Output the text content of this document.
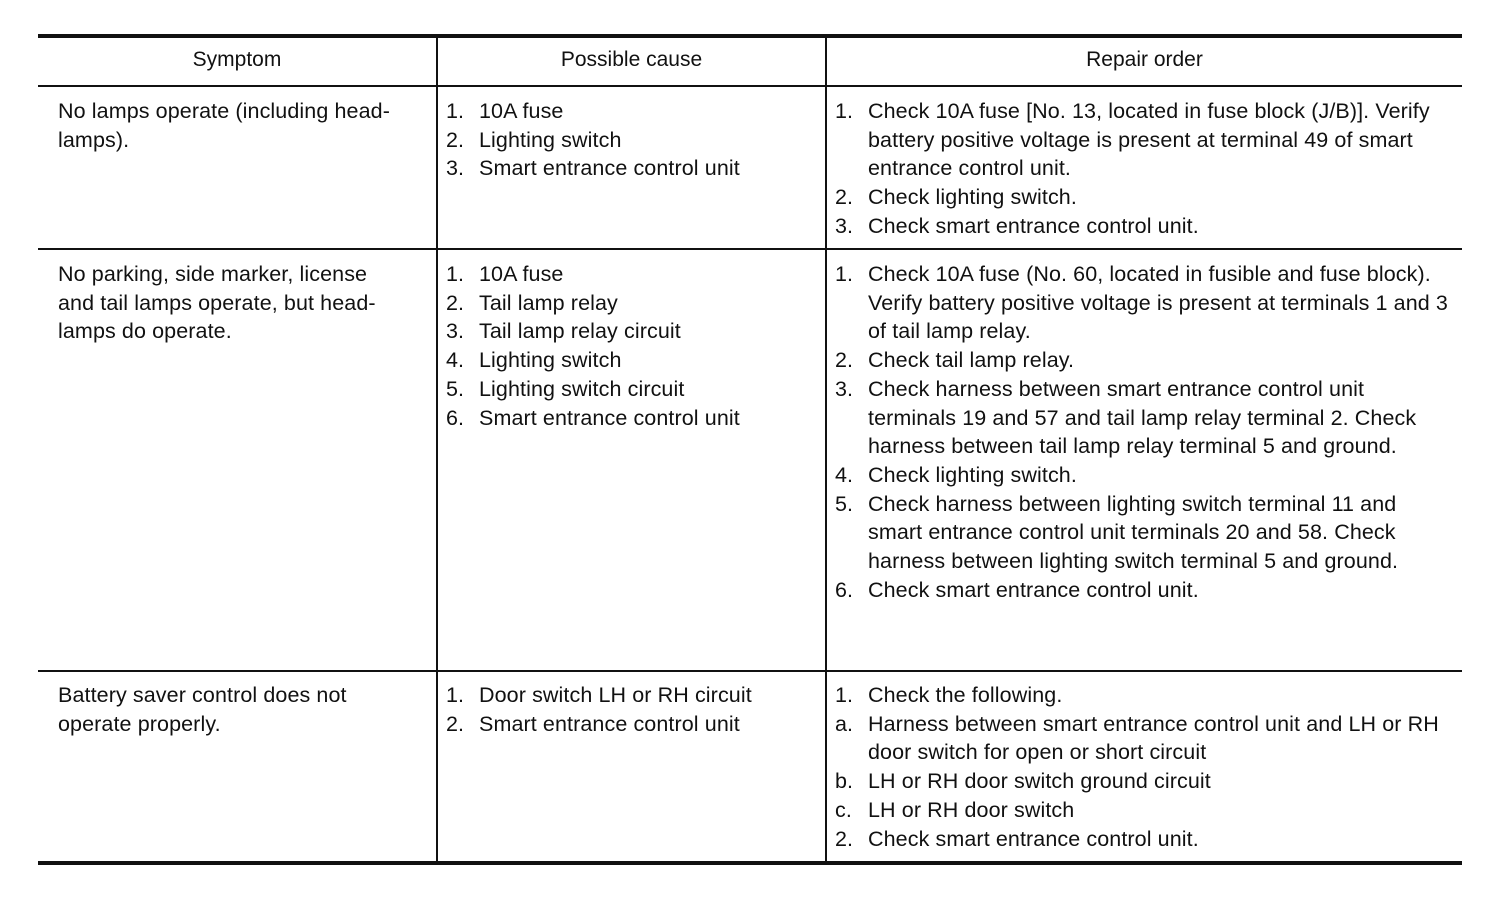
Symptom	Possible cause	Repair order
No lamps operate (including head-
lamps).
1. 10A fuse
2. Lighting switch
3. Smart entrance control unit
1. Check 10A fuse [No. 13, located in fuse block (J/B)]. Verify battery positive voltage is present at terminal 49 of smart entrance control unit.
2. Check lighting switch.
3. Check smart entrance control unit.
No parking, side marker, license
and tail lamps operate, but head-
lamps do operate.
1. 10A fuse
2. Tail lamp relay
3. Tail lamp relay circuit
4. Lighting switch
5. Lighting switch circuit
6. Smart entrance control unit
1. Check 10A fuse (No. 60, located in fusible and fuse block). Verify battery positive voltage is present at terminals 1 and 3 of tail lamp relay.
2. Check tail lamp relay.
3. Check harness between smart entrance control unit terminals 19 and 57 and tail lamp relay terminal 2. Check harness between tail lamp relay terminal 5 and ground.
4. Check lighting switch.
5. Check harness between lighting switch terminal 11 and smart entrance control unit terminals 20 and 58. Check harness between lighting switch terminal 5 and ground.
6. Check smart entrance control unit.
Battery saver control does not
operate properly.
1. Door switch LH or RH circuit
2. Smart entrance control unit
1. Check the following.
a. Harness between smart entrance control unit and LH or RH door switch for open or short circuit
b. LH or RH door switch ground circuit
c. LH or RH door switch
2. Check smart entrance control unit.
